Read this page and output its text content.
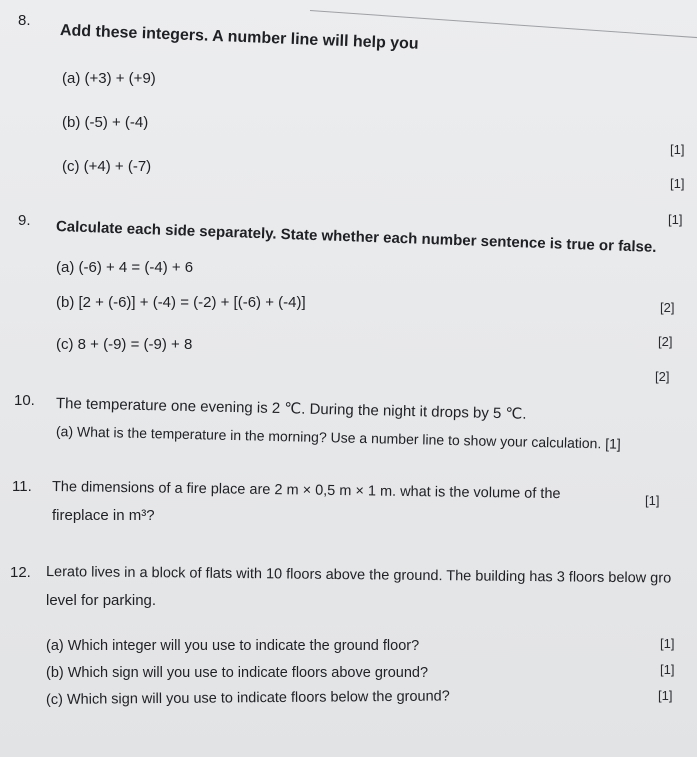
8.
Add these integers. A number line will help you
(a) (+3) + (+9)
(b) (-5) + (-4)
(c) (+4) + (-7)
[1]
[1]
[1]
9. Calculate each side separately. State whether each number sentence is true or false.
(a) (-6) + 4 = (-4) + 6
(b) [2 + (-6)] + (-4) = (-2) + [(-6) + (-4)]
(c) 8 + (-9) = (-9) + 8
[2]
[2]
[2]
10. The temperature one evening is 2 ℃. During the night it drops by 5 ℃.
(a) What is the temperature in the morning? Use a number line to show your calculation. [1]
11. The dimensions of a fire place are 2 m × 0,5 m × 1 m. what is the volume of the
fireplace in m³?
[1]
12. Lerato lives in a block of flats with 10 floors above the ground. The building has 3 floors below gro
level for parking.
(a) Which integer will you use to indicate the ground floor?
(b) Which sign will you use to indicate floors above ground?
(c) Which sign will you use to indicate floors below the ground?
[1]
[1]
[1]
